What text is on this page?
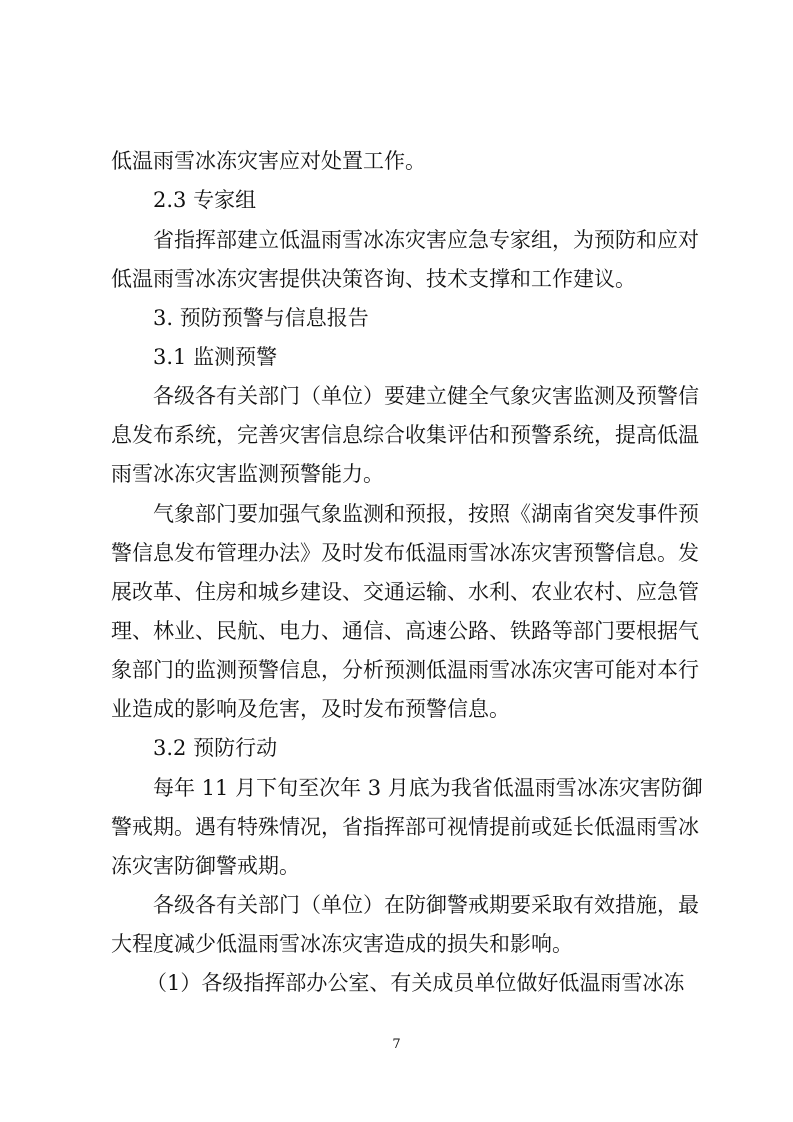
低温雨雪冰冻灾害应对处置工作。
2.3 专家组
省指挥部建立低温雨雪冰冻灾害应急专家组，为预防和应对
低温雨雪冰冻灾害提供决策咨询、技术支撑和工作建议。
3. 预防预警与信息报告
3.1 监测预警
各级各有关部门（单位）要建立健全气象灾害监测及预警信
息发布系统，完善灾害信息综合收集评估和预警系统，提高低温
雨雪冰冻灾害监测预警能力。
气象部门要加强气象监测和预报，按照《湖南省突发事件预
警信息发布管理办法》及时发布低温雨雪冰冻灾害预警信息。发
展改革、住房和城乡建设、交通运输、水利、农业农村、应急管
理、林业、民航、电力、通信、高速公路、铁路等部门要根据气
象部门的监测预警信息，分析预测低温雨雪冰冻灾害可能对本行
业造成的影响及危害，及时发布预警信息。
3.2 预防行动
每年 11 月下旬至次年 3 月底为我省低温雨雪冰冻灾害防御
警戒期。遇有特殊情况，省指挥部可视情提前或延长低温雨雪冰
冻灾害防御警戒期。
各级各有关部门（单位）在防御警戒期要采取有效措施，最
大程度减少低温雨雪冰冻灾害造成的损失和影响。
（1）各级指挥部办公室、有关成员单位做好低温雨雪冰冻
7
